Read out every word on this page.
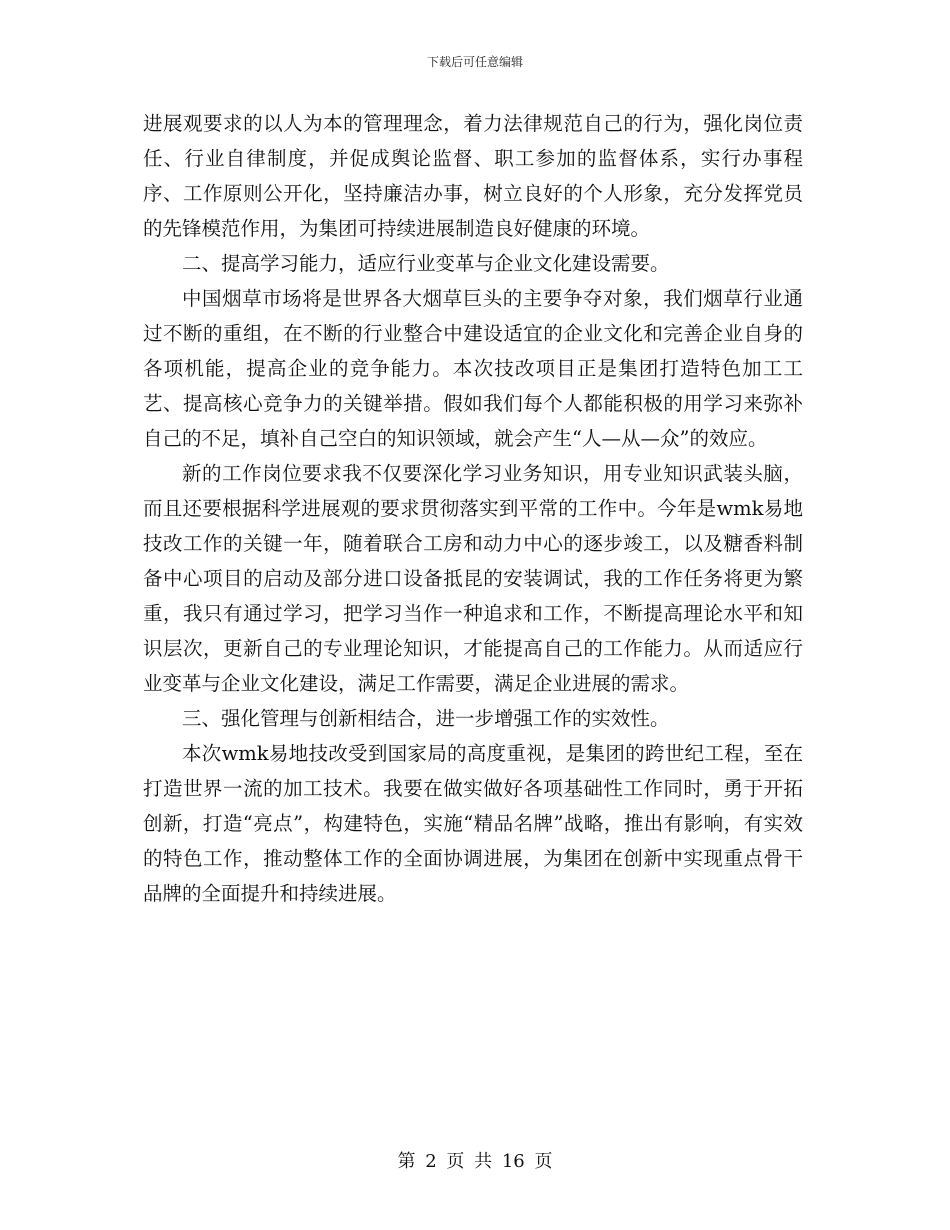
下载后可任意编辑

进展观要求的以人为本的管理理念，着力法律规范自己的行为，强化岗位责任、行业自律制度，并促成舆论监督、职工参加的监督体系，实行办事程序、工作原则公开化，坚持廉洁办事，树立良好的个人形象，充分发挥党员的先锋模范作用，为集团可持续进展制造良好健康的环境。

二、提高学习能力，适应行业变革与企业文化建设需要。

中国烟草市场将是世界各大烟草巨头的主要争夺对象，我们烟草行业通过不断的重组，在不断的行业整合中建设适宜的企业文化和完善企业自身的各项机能，提高企业的竞争能力。本次技改项目正是集团打造特色加工工艺、提高核心竞争力的关键举措。假如我们每个人都能积极的用学习来弥补自己的不足，填补自己空白的知识领域，就会产生“人—从—众”的效应。

新的工作岗位要求我不仅要深化学习业务知识，用专业知识武装头脑，而且还要根据科学进展观的要求贯彻落实到平常的工作中。今年是wmk易地技改工作的关键一年，随着联合工房和动力中心的逐步竣工，以及糖香料制备中心项目的启动及部分进口设备抵昆的安装调试，我的工作任务将更为繁重，我只有通过学习，把学习当作一种追求和工作，不断提高理论水平和知识层次，更新自己的专业理论知识，才能提高自己的工作能力。从而适应行业变革与企业文化建设，满足工作需要，满足企业进展的需求。

三、强化管理与创新相结合，进一步增强工作的实效性。

本次wmk易地技改受到国家局的高度重视，是集团的跨世纪工程，至在打造世界一流的加工技术。我要在做实做好各项基础性工作同时，勇于开拓创新，打造“亮点”，构建特色，实施“精品名牌”战略，推出有影响，有实效的特色工作，推动整体工作的全面协调进展，为集团在创新中实现重点骨干品牌的全面提升和持续进展。

第 2 页 共 16 页
